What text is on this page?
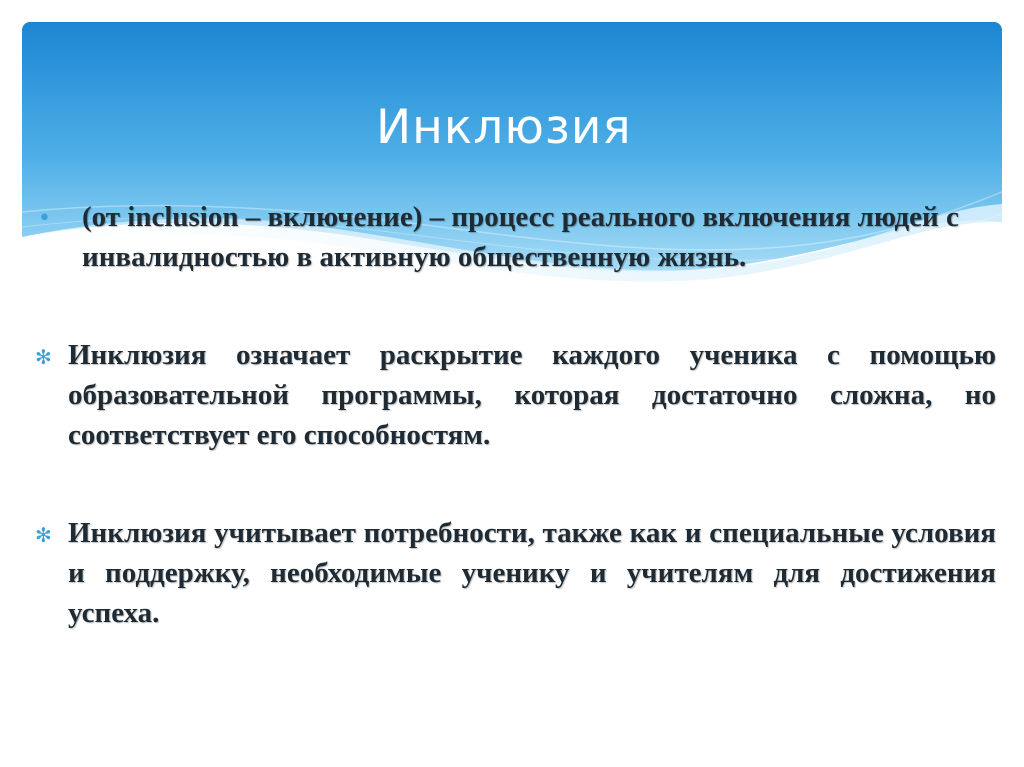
Инклюзия
•	(от inclusion – включение) – процесс реального включения людей с инвалидностью в активную общественную жизнь.
✻ Инклюзия означает раскрытие каждого ученика с помощью образовательной программы, которая достаточно сложна, но соответствует его способностям.
✻ Инклюзия учитывает потребности, также как и специальные условия и поддержку, необходимые ученику и учителям для достижения успеха.
